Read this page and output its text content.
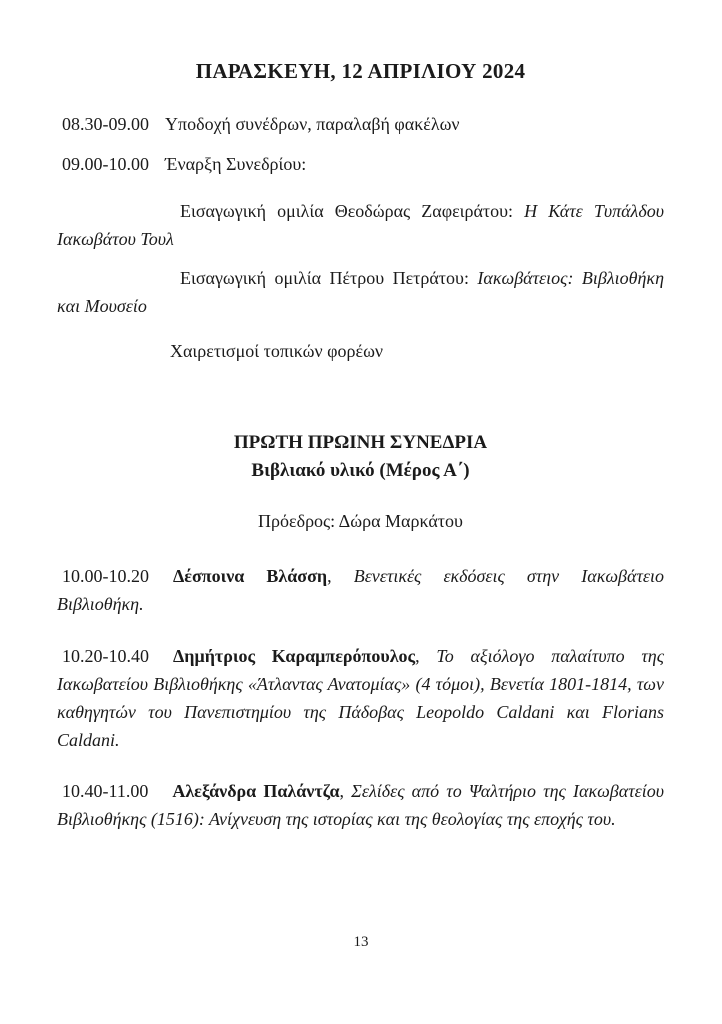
ΠΑΡΑΣΚΕΥΗ, 12 ΑΠΡΙΛΙΟΥ 2024

08.30-09.00 Υποδοχή συνέδρων, παραλαβή φακέλων

09.00-10.00 Έναρξη Συνεδρίου:

Εισαγωγική ομιλία Θεοδώρας Ζαφειράτου: Η Κάτε Τυπάλδου Ιακωβάτου Τουλ

Εισαγωγική ομιλία Πέτρου Πετράτου: Ιακωβάτειος: Βιβλιοθήκη και Μουσείο

Χαιρετισμοί τοπικών φορέων

ΠΡΩΤΗ ΠΡΩΙΝΗ ΣΥΝΕΔΡΙΑ
Βιβλιακό υλικό (Μέρος Α΄)

Πρόεδρος: Δώρα Μαρκάτου

10.00-10.20 Δέσποινα Βλάσση, Βενετικές εκδόσεις στην Ιακωβάτειο Βιβλιοθήκη.

10.20-10.40 Δημήτριος Καραμπερόπουλος, Το αξιόλογο παλαίτυπο της Ιακωβατείου Βιβλιοθήκης «Άτλαντας Ανατομίας» (4 τόμοι), Βενετία 1801-1814, των καθηγητών του Πανεπιστημίου της Πάδοβας Leopoldo Caldani και Florians Caldani.

10.40-11.00 Αλεξάνδρα Παλάντζα, Σελίδες από το Ψαλτήριο της Ιακωβατείου Βιβλιοθήκης (1516): Ανίχνευση της ιστορίας και της θεολογίας της εποχής του.

13
